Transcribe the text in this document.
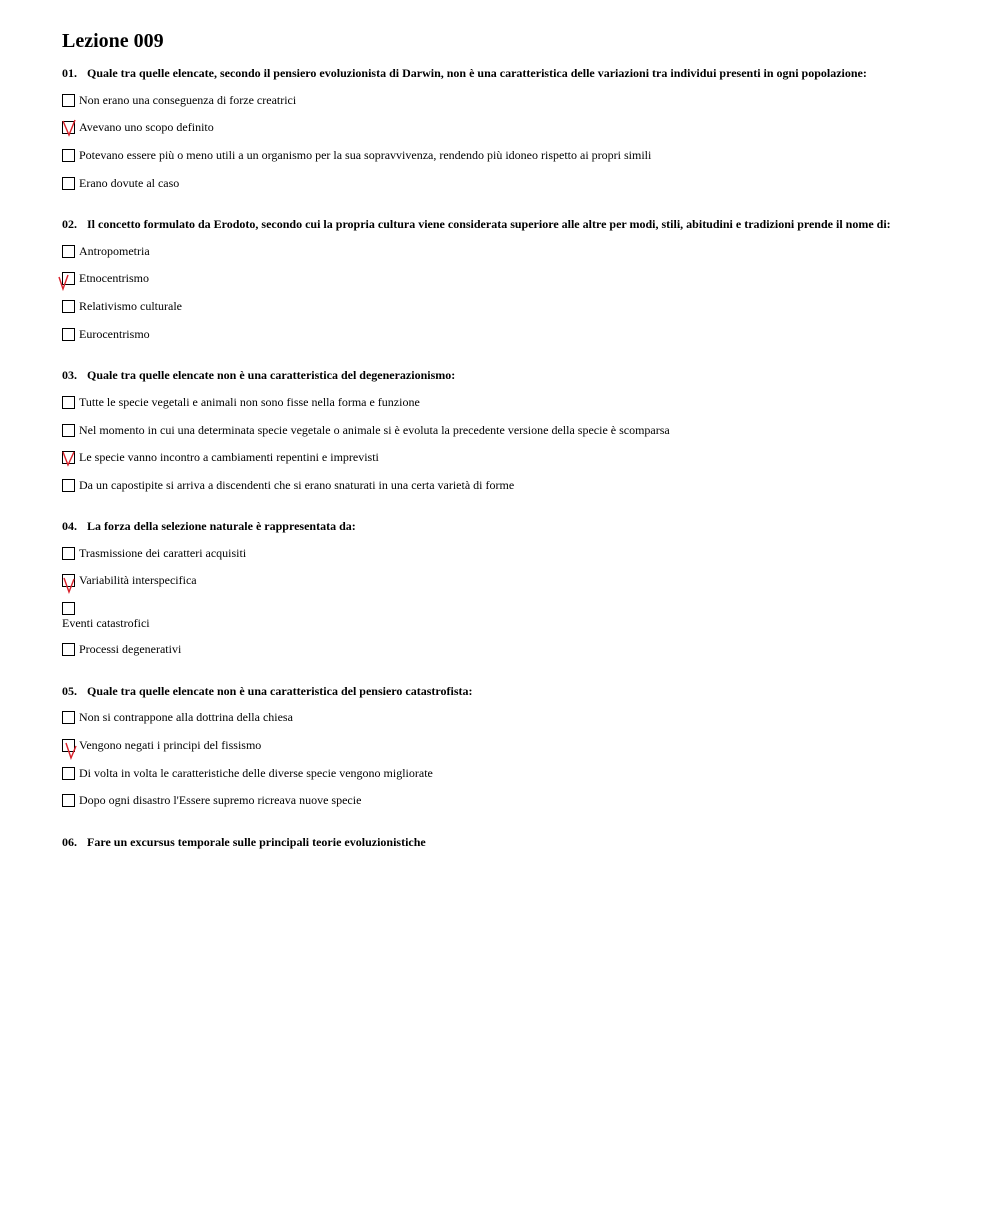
Lezione 009

01. Quale tra quelle elencate, secondo il pensiero evoluzionista di Darwin, non è una caratteristica delle variazioni tra individui presenti in ogni popolazione:

Non erano una conseguenza di forze creatrici
Avevano uno scopo definito
Potevano essere più o meno utili a un organismo per la sua sopravvivenza, rendendo più idoneo rispetto ai propri simili
Erano dovute al caso

02. Il concetto formulato da Erodoto, secondo cui la propria cultura viene considerata superiore alle altre per modi, stili, abitudini e tradizioni prende il nome di:

Antropometria
Etnocentrismo
Relativismo culturale
Eurocentrismo

03. Quale tra quelle elencate non è una caratteristica del degenerazionismo:

Tutte le specie vegetali e animali non sono fisse nella forma e funzione
Nel momento in cui una determinata specie vegetale o animale si è evoluta la precedente versione della specie è scomparsa
Le specie vanno incontro a cambiamenti repentini e imprevisti
Da un capostipite si arriva a discendenti che si erano snaturati in una certa varietà di forme

04. La forza della selezione naturale è rappresentata da:

Trasmissione dei caratteri acquisiti
Variabilità interspecifica
Eventi catastrofici
Processi degenerativi

05. Quale tra quelle elencate non è una caratteristica del pensiero catastrofista:

Non si contrappone alla dottrina della chiesa
Vengono negati i principi del fissismo
Di volta in volta le caratteristiche delle diverse specie vengono migliorate
Dopo ogni disastro l'Essere supremo ricreava nuove specie

06. Fare un excursus temporale sulle principali teorie evoluzionistiche
